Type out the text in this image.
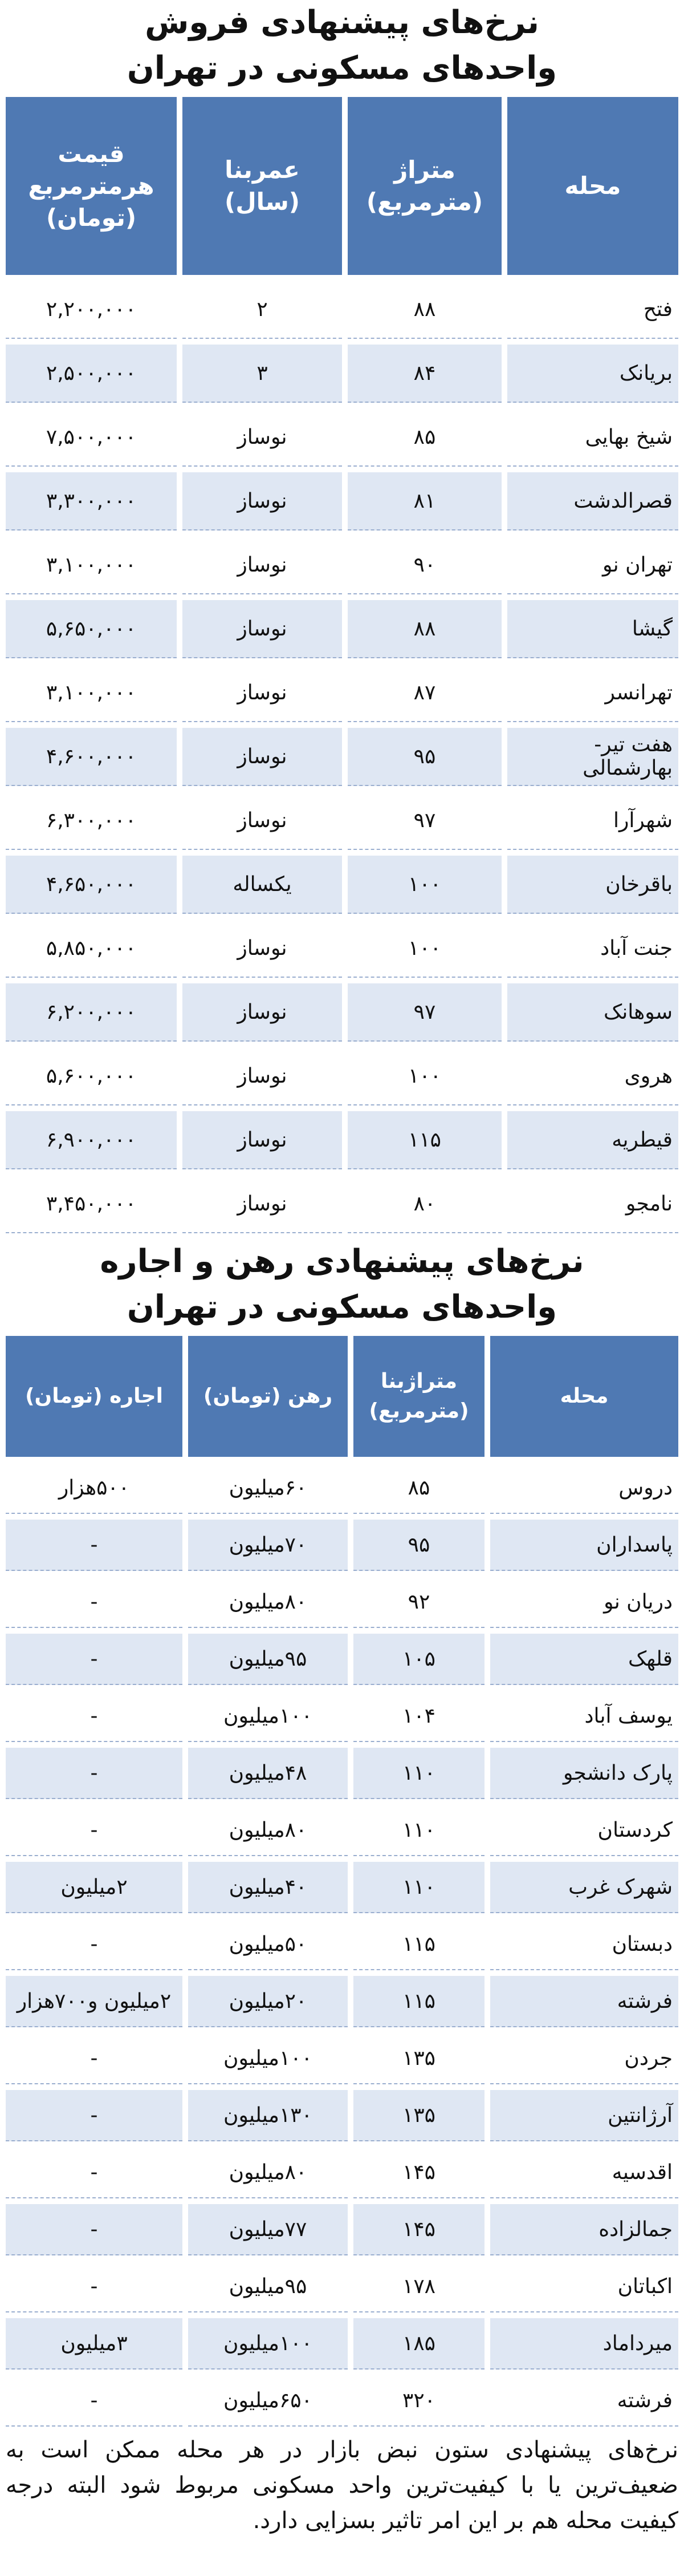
نرخ‌های پیشنهادی فروش
واحدهای مسکونی در تهران
محله	متراژ (مترمربع)	عمربنا (سال)	قیمت هرمترمربع (تومان)
فتح	۸۸	۲	۲,۲۰۰,۰۰۰
بریانک	۸۴	۳	۲,۵۰۰,۰۰۰
شیخ بهایی	۸۵	نوساز	۷,۵۰۰,۰۰۰
قصرالدشت	۸۱	نوساز	۳,۳۰۰,۰۰۰
تهران نو	۹۰	نوساز	۳,۱۰۰,۰۰۰
گیشا	۸۸	نوساز	۵,۶۵۰,۰۰۰
تهرانسر	۸۷	نوساز	۳,۱۰۰,۰۰۰
هفت تیر-بهارشمالی	۹۵	نوساز	۴,۶۰۰,۰۰۰
شهرآرا	۹۷	نوساز	۶,۳۰۰,۰۰۰
باقرخان	۱۰۰	یکساله	۴,۶۵۰,۰۰۰
جنت آباد	۱۰۰	نوساز	۵,۸۵۰,۰۰۰
سوهانک	۹۷	نوساز	۶,۲۰۰,۰۰۰
هروی	۱۰۰	نوساز	۵,۶۰۰,۰۰۰
قیطریه	۱۱۵	نوساز	۶,۹۰۰,۰۰۰
نامجو	۸۰	نوساز	۳,۴۵۰,۰۰۰
نرخ‌های پیشنهادی رهن و اجاره
واحدهای مسکونی در تهران
محله	متراژبنا (مترمربع)	رهن (تومان)	اجاره (تومان)
دروس	۸۵	۶۰میلیون	۵۰۰هزار
پاسداران	۹۵	۷۰میلیون	-
دریان نو	۹۲	۸۰میلیون	-
قلهک	۱۰۵	۹۵میلیون	-
یوسف آباد	۱۰۴	۱۰۰میلیون	-
پارک دانشجو	۱۱۰	۴۸میلیون	-
کردستان	۱۱۰	۸۰میلیون	-
شهرک غرب	۱۱۰	۴۰میلیون	۲میلیون
دبستان	۱۱۵	۵۰میلیون	-
فرشته	۱۱۵	۲۰میلیون	۲میلیون و۷۰۰هزار
جردن	۱۳۵	۱۰۰میلیون	-
آرژانتین	۱۳۵	۱۳۰میلیون	-
اقدسیه	۱۴۵	۸۰میلیون	-
جمالزاده	۱۴۵	۷۷میلیون	-
اکباتان	۱۷۸	۹۵میلیون	-
میرداماد	۱۸۵	۱۰۰میلیون	۳میلیون
فرشته	۳۲۰	۶۵۰میلیون	-

نرخ‌های پیشنهادی ستون نبض بازار در هر محله ممکن است به ضعیف‌ترین یا با کیفیت‌ترین واحد مسکونی مربوط شود البته درجه کیفیت محله هم بر این امر تاثیر بسزایی دارد.
